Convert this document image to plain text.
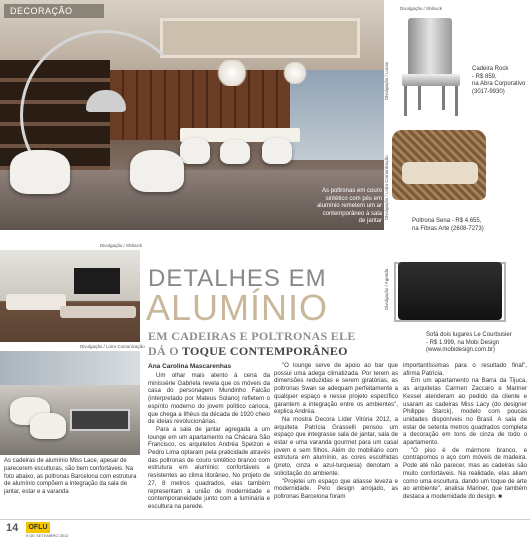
DECORAÇÃO
As poltronas em couro sintético com pés em alumínio remetem um ar contemporâneo à sala de jantar
Divulgação / Lucas
Divulgação / Shibuck
Cadeira Rock
- R$ 859,
na Abra Corporativo
(3017-9930)
Divulgação / Loira Comunicação
Poltrona Sena - R$ 4.655,
na Fibras Arte (2608-7273)
Divulgação / Agenda
Sofá dois lugares Le Courbusier
- R$ 1.999, na Mobi Design
(www.mobidesign.com.br)
DETALHES EM
ALUMÍNIO
EM CADEIRAS E POLTRONAS ELE
DÁ O TOQUE CONTEMPORÂNEO
Divulgação / Shibuck
Divulgação / Loira Comunicação
As cadeiras de alumínio Miss Lace, apesar de parecerem esculturas, são bem confortáveis. Na foto abaixo, as poltronas Barcelona com estrutura de alumínio compõem a integração da sala de jantar, estar e a varanda
Ana Carolina Mascarenhas

Um olhar mais atento à cena da minissérie Gabriela revela que os móveis da casa do personagem Mundinho Falcão (interpretado por Mateus Solano) refletem o espírito moderno do jovem político carioca, que chega a Ilhéus da década de 1920 cheio de ideias revolucionárias.

Para a sala de jantar agregada a um lounge em um apartamento na Chácara São Francisco, os arquitetos Andréa Spelzon e Pedro Lima optaram pela praticidade através das poltronas de couro sintético branco com estrutura em alumínio: confortáveis e resistentes ao clima litorâneo. No projeto de 27, 8 metros quadrados, elas também representam a união de modernidade e contemporaneidade junto com a luminária e escultura na parede.

"O lounge serve de apoio ao bar que possui uma adega climatizada. Por terem as dimensões reduzidas e serem giratórias, as poltronas Swan se adequam perfeitamente a qualquer espaço e nesse projeto específico garantem a integração entre os ambientes", explica Andréa.

Na mostra Decora Líder Vitória 2012, a arquiteta Patrícia Grasselli pensou um espaço que integrasse sala de jantar, sala de estar e uma varanda gourmet para um casal jovem e sem filhos. Além do mobiliário com estrutura em alumínio, as cores escolhidas (preto, cinza e azul-turquesa) denotam a solicitação do ambiente.

"Projetei um espaço que aliasse leveza e modernidade. Pelo design arrojado, as poltronas Barcelona foram

importantíssimas para o resultado final", afirma Patrícia.

Em um apartamento na Barra da Tijuca, as arquitetas Carmen Zaccaro e Mariner Kessel atenderam ao pedido da cliente e usaram as cadeiras Miss Lacy (do designer Philippe Starck), modelo com poucas unidades disponíveis no Brasil. A sala de estar de setenta metros quadrados completa a decoração em tons de cinza de todo o apartamento.

"O piso é de mármore branco, e contrapomos o aço com móveis de madeira. Pode até não parecer, mas as cadeiras são muito confortáveis. Na realidade, elas aliam como uma escultura, dando um toque de arte ao ambiente", analisa Mariner, que também destaca a modernidade do design. ■

14	OFLU
9 DE SETEMBRO 2012
